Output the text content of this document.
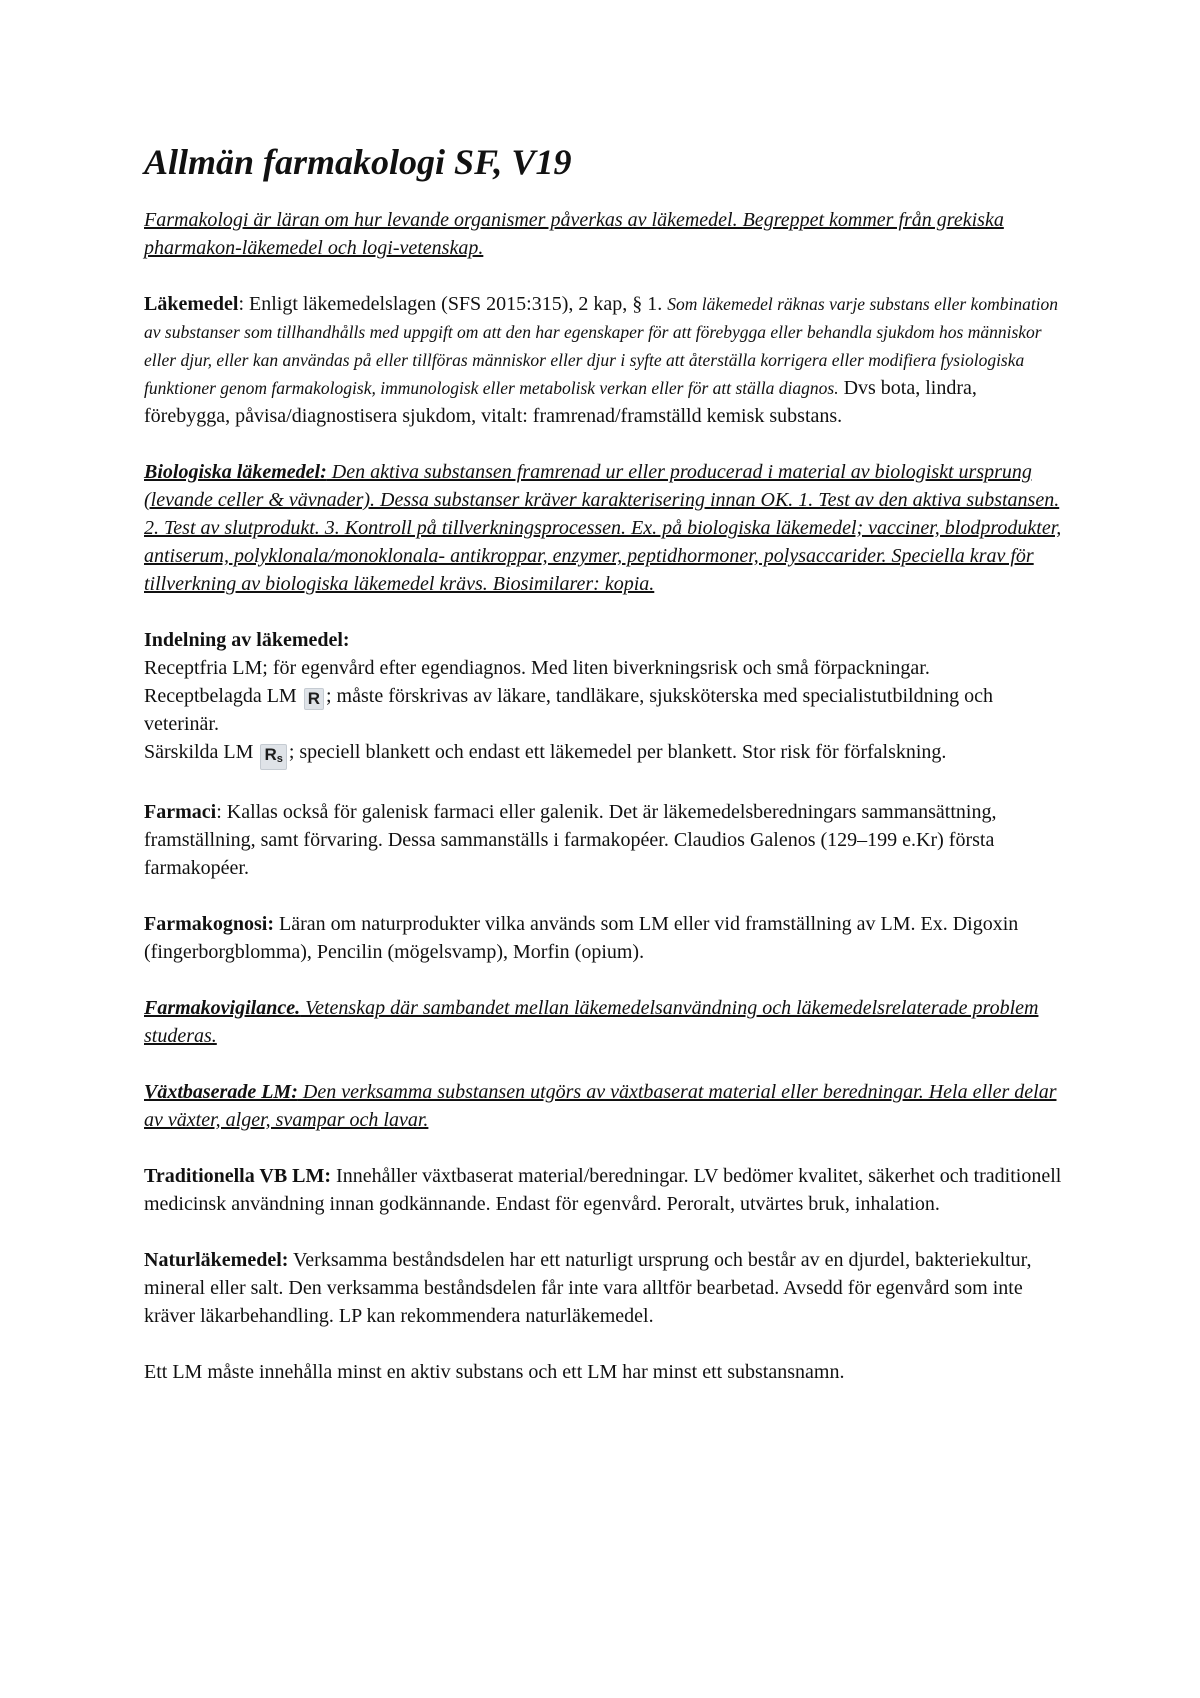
Allmän farmakologi SF, V19

Farmakologi är läran om hur levande organismer påverkas av läkemedel. Begreppet kommer från grekiska pharmakon-läkemedel och logi-vetenskap.

Läkemedel: Enligt läkemedelslagen (SFS 2015:315), 2 kap, § 1. Som läkemedel räknas varje substans eller kombination av substanser som tillhandhålls med uppgift om att den har egenskaper för att förebygga eller behandla sjukdom hos människor eller djur, eller kan användas på eller tillföras människor eller djur i syfte att återställa korrigera eller modifiera fysiologiska funktioner genom farmakologisk, immunologisk eller metabolisk verkan eller för att ställa diagnos. Dvs bota, lindra, förebygga, påvisa/diagnostisera sjukdom, vitalt: framrenad/framställd kemisk substans.

Biologiska läkemedel: Den aktiva substansen framrenad ur eller producerad i material av biologiskt ursprung (levande celler & vävnader). Dessa substanser kräver karakterisering innan OK. 1. Test av den aktiva substansen. 2. Test av slutprodukt. 3. Kontroll på tillverkningsprocessen. Ex. på biologiska läkemedel; vacciner, blodprodukter, antiserum, polyklonala/monoklonala- antikroppar, enzymer, peptidhormoner, polysaccarider. Speciella krav för tillverkning av biologiska läkemedel krävs. Biosimilarer: kopia.

Indelning av läkemedel:
Receptfria LM; för egenvård efter egendiagnos. Med liten biverkningsrisk och små förpackningar.
Receptbelagda LM R ; måste förskrivas av läkare, tandläkare, sjuksköterska med specialistutbildning och veterinär.
Särskilda LM $R_s$ ; speciell blankett och endast ett läkemedel per blankett. Stor risk för förfalskning.

Farmaci: Kallas också för galenisk farmaci eller galenik. Det är läkemedelsberedningars sammansättning, framställning, samt förvaring. Dessa sammanställs i farmakopéer. Claudios Galenos (129–199 e.Kr) första farmakopéer.

Farmakognosi: Läran om naturprodukter vilka används som LM eller vid framställning av LM. Ex. Digoxin (fingerborgblomma), Pencilin (mögelsvamp), Morfin (opium).

Farmakovigilance. Vetenskap där sambandet mellan läkemedelsanvändning och läkemedelsrelaterade problem studeras.

Växtbaserade LM: Den verksamma substansen utgörs av växtbaserat material eller beredningar. Hela eller delar av växter, alger, svampar och lavar.

Traditionella VB LM: Innehåller växtbaserat material/beredningar. LV bedömer kvalitet, säkerhet och traditionell medicinsk användning innan godkännande. Endast för egenvård. Peroralt, utvärtes bruk, inhalation.

Naturläkemedel: Verksamma beståndsdelen har ett naturligt ursprung och består av en djurdel, bakteriekultur, mineral eller salt. Den verksamma beståndsdelen får inte vara alltför bearbetad. Avsedd för egenvård som inte kräver läkarbehandling. LP kan rekommendera naturläkemedel.

Ett LM måste innehålla minst en aktiv substans och ett LM har minst ett substansnamn.
